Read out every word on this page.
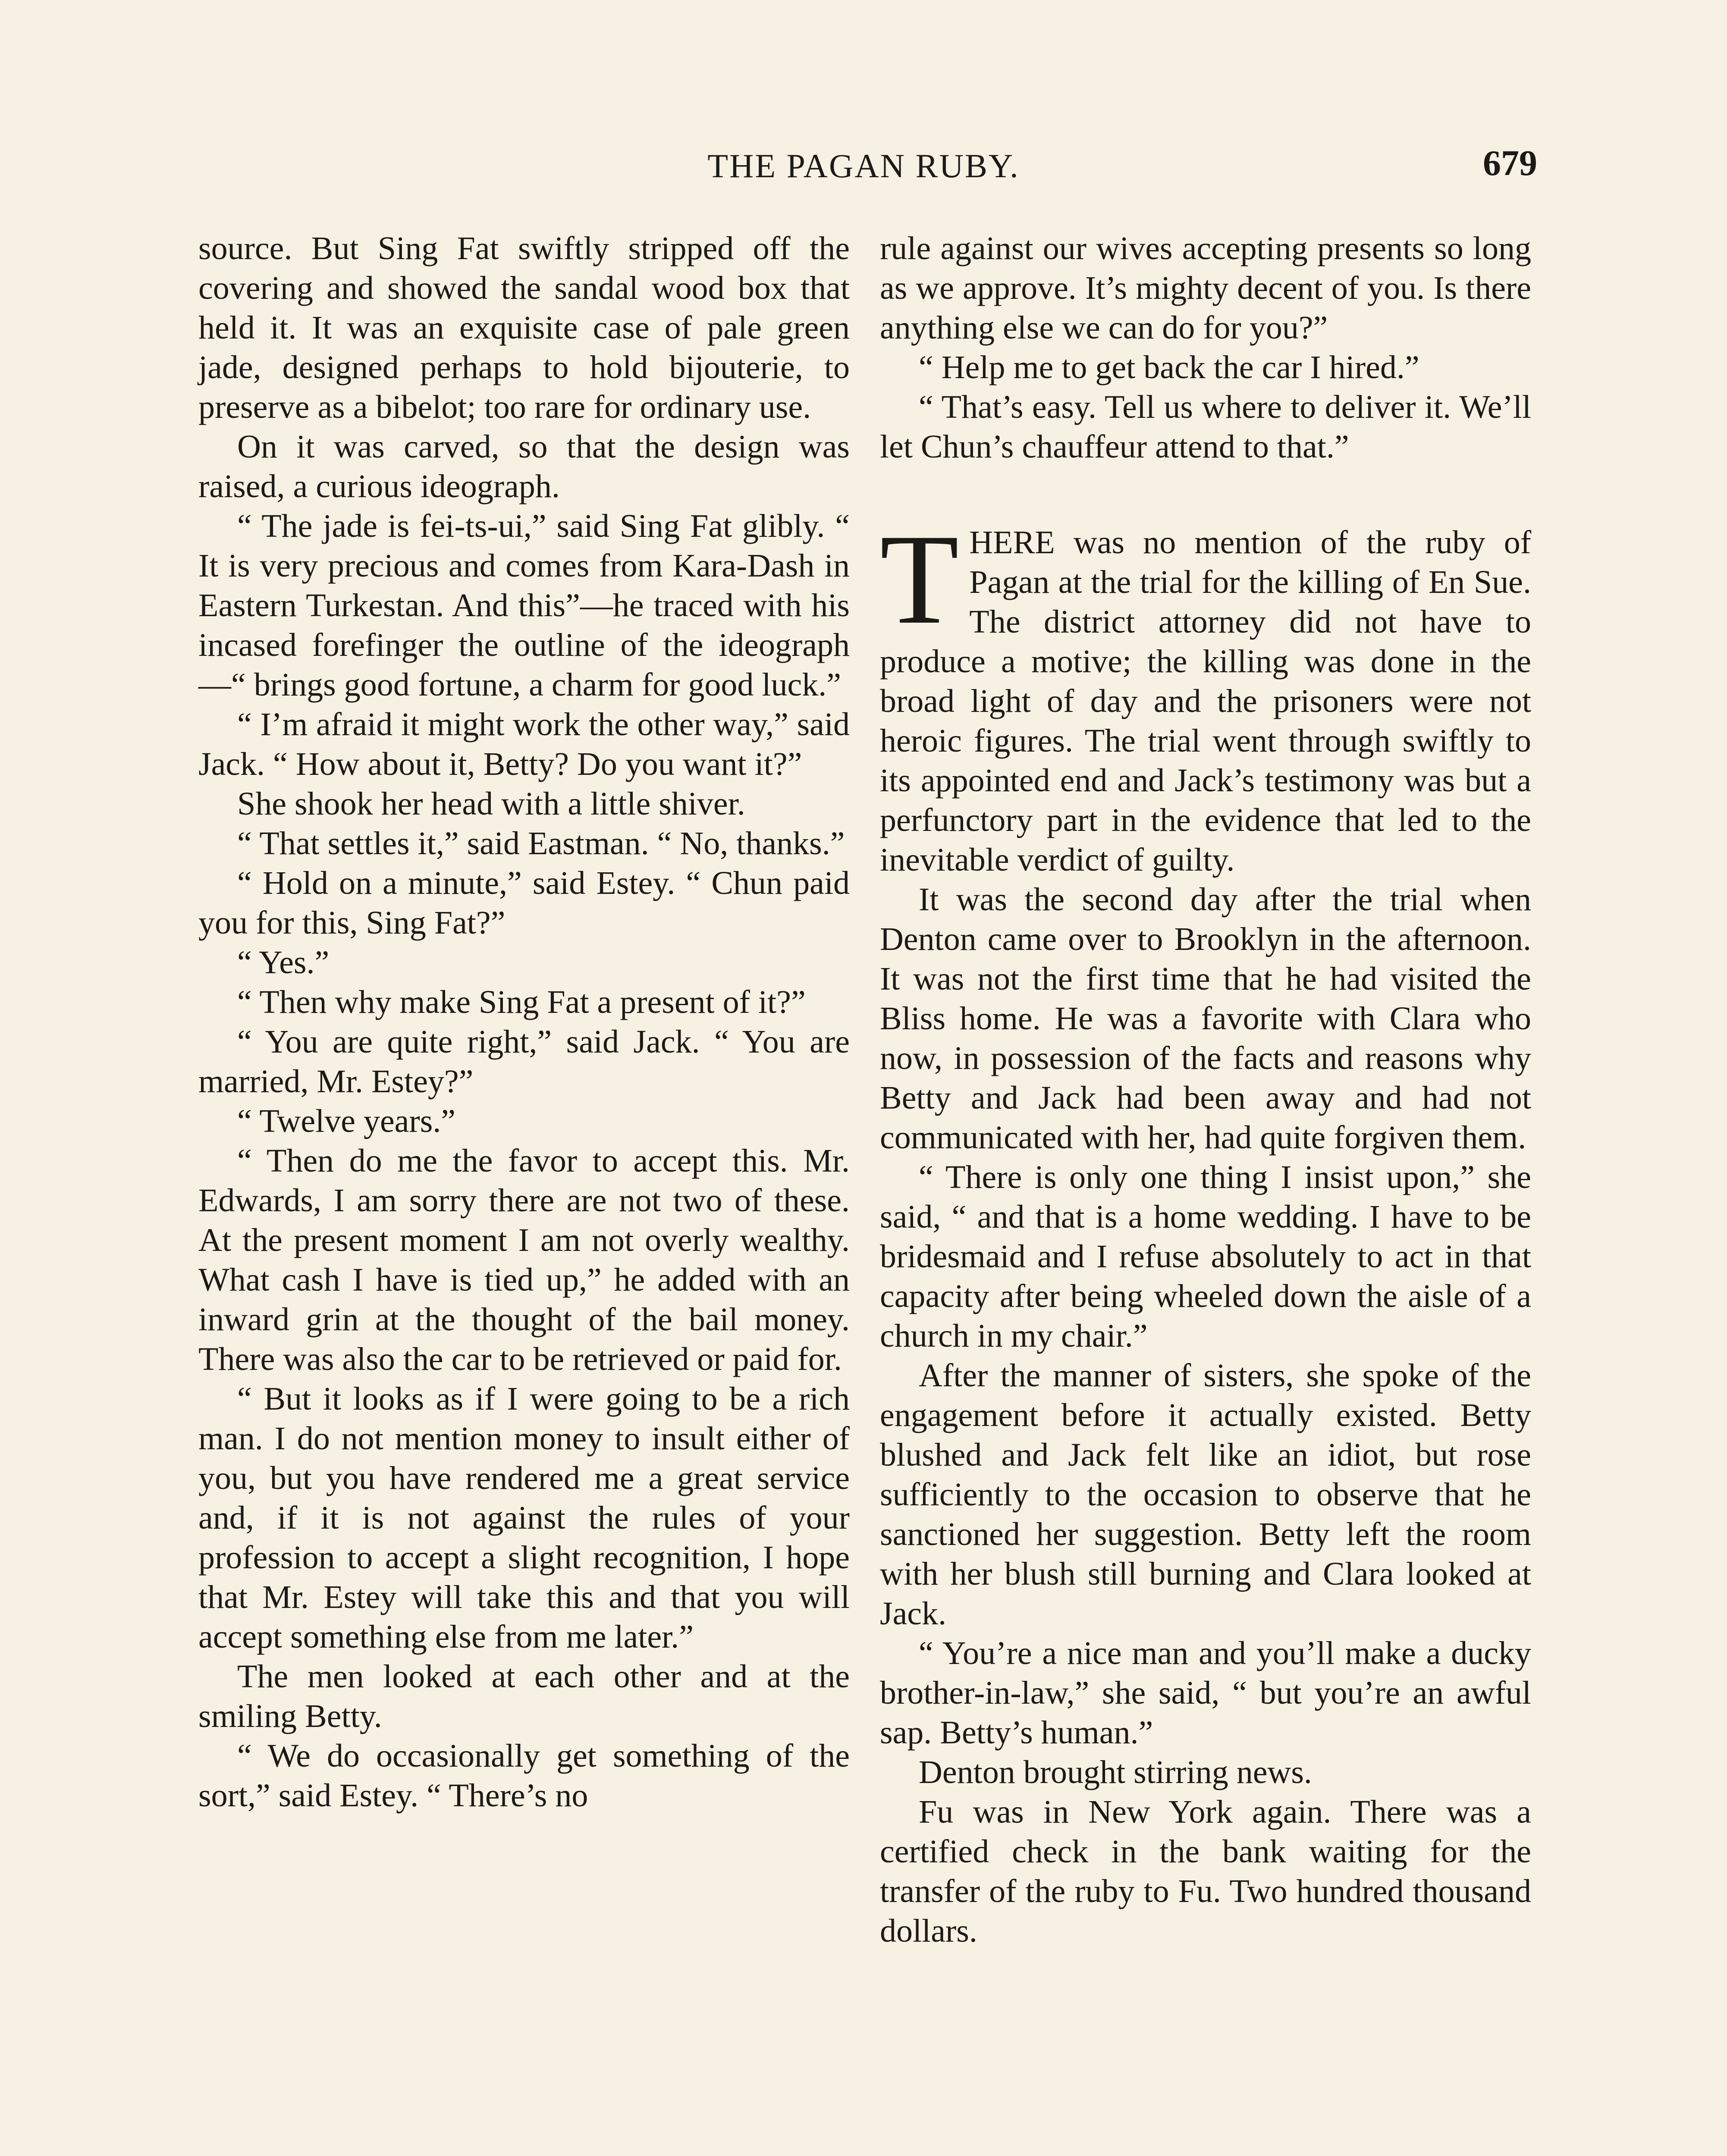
THE PAGAN RUBY.	679

source. But Sing Fat swiftly stripped off the covering and showed the sandal wood box that held it. It was an exquisite case of pale green jade, designed perhaps to hold bijouterie, to preserve as a bibelot; too rare for ordinary use.

On it was carved, so that the design was raised, a curious ideograph.

“ The jade is fei-ts-ui,” said Sing Fat glibly. “ It is very precious and comes from Kara-Dash in Eastern Turkestan. And this”—he traced with his incased forefinger the outline of the ideograph—“ brings good fortune, a charm for good luck.”

“ I’m afraid it might work the other way,” said Jack. “ How about it, Betty? Do you want it?”

She shook her head with a little shiver.

“ That settles it,” said Eastman. “ No, thanks.”

“ Hold on a minute,” said Estey. “ Chun paid you for this, Sing Fat?”

“ Yes.”

“ Then why make Sing Fat a present of it?”

“ You are quite right,” said Jack. “ You are married, Mr. Estey?”

“ Twelve years.”

“ Then do me the favor to accept this. Mr. Edwards, I am sorry there are not two of these. At the present moment I am not overly wealthy. What cash I have is tied up,” he added with an inward grin at the thought of the bail money. There was also the car to be retrieved or paid for.

“ But it looks as if I were going to be a rich man. I do not mention money to insult either of you, but you have rendered me a great service and, if it is not against the rules of your profession to accept a slight recognition, I hope that Mr. Estey will take this and that you will accept something else from me later.”

The men looked at each other and at the smiling Betty.

“ We do occasionally get something of the sort,” said Estey. “ There’s no

rule against our wives accepting presents so long as we approve. It’s mighty decent of you. Is there anything else we can do for you?”

“ Help me to get back the car I hired.”

“ That’s easy. Tell us where to deliver it. We’ll let Chun’s chauffeur attend to that.”

THERE was no mention of the ruby of Pagan at the trial for the killing of En Sue. The district attorney did not have to produce a motive; the killing was done in the broad light of day and the prisoners were not heroic figures. The trial went through swiftly to its appointed end and Jack’s testimony was but a perfunctory part in the evidence that led to the inevitable verdict of guilty.

It was the second day after the trial when Denton came over to Brooklyn in the afternoon. It was not the first time that he had visited the Bliss home. He was a favorite with Clara who now, in possession of the facts and reasons why Betty and Jack had been away and had not communicated with her, had quite forgiven them.

“ There is only one thing I insist upon,” she said, “ and that is a home wedding. I have to be bridesmaid and I refuse absolutely to act in that capacity after being wheeled down the aisle of a church in my chair.”

After the manner of sisters, she spoke of the engagement before it actually existed. Betty blushed and Jack felt like an idiot, but rose sufficiently to the occasion to observe that he sanctioned her suggestion. Betty left the room with her blush still burning and Clara looked at Jack.

“ You’re a nice man and you’ll make a ducky brother-in-law,” she said, “ but you’re an awful sap. Betty’s human.”

Denton brought stirring news.

Fu was in New York again. There was a certified check in the bank waiting for the transfer of the ruby to Fu. Two hundred thousand dollars.
